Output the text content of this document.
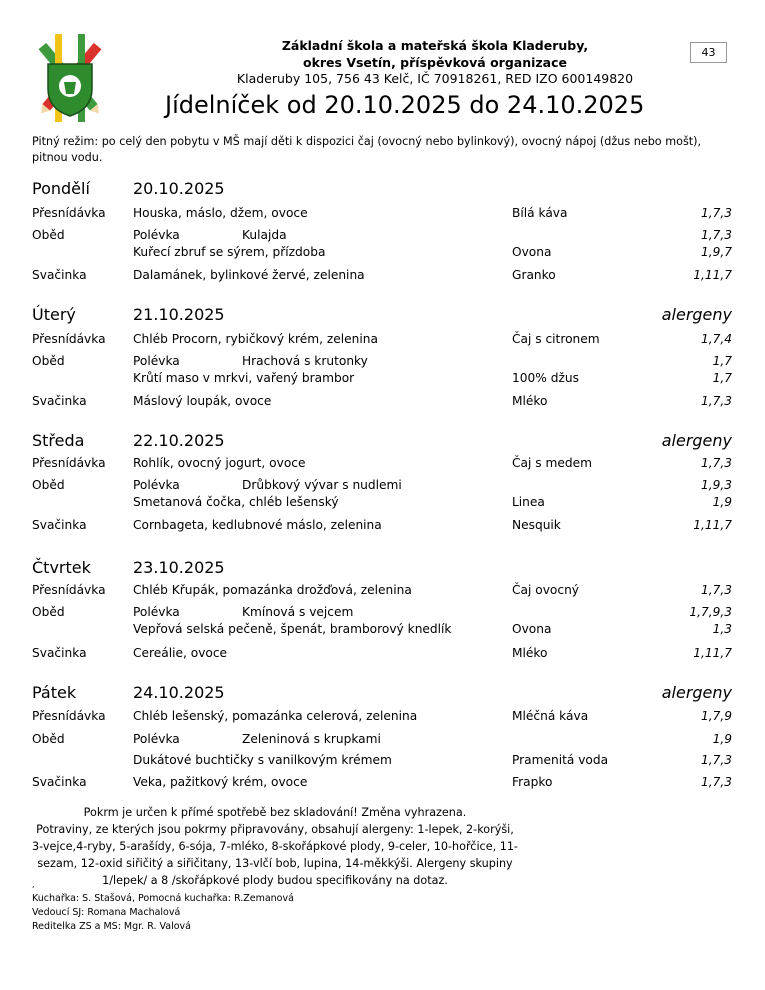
Základní škola a mateřská škola Kladeruby,
okres Vsetín, příspěvková organizace
Kladeruby 105, 756 43 Kelč, IČ 70918261, RED IZO 600149820
43
Jídelníček od 20.10.2025 do 24.10.2025
Pitný režim: po celý den pobytu v MŠ mají děti k dispozici čaj (ovocný nebo bylinkový), ovocný nápoj (džus nebo mošt), pitnou vodu.
Pondělí	20.10.2025
Přesnídávka Houska, máslo, džem, ovoce	Bílá káva	1,7,3
Oběd	Polévka	Kulajda	1,7,3
Kuřecí zbruf se sýrem, přízdoba	Ovona	1,9,7
Svačinka	Dalamánek, bylinkové žervé, zelenina	Granko	1,11,7
Úterý	21.10.2025	alergeny
Přesnídávka Chléb Procorn, rybičkový krém, zelenina	Čaj s citronem	1,7,4
Oběd	Polévka	Hrachová s krutonky	1,7
Krůtí maso v mrkvi, vařený brambor	100% džus	1,7
Svačinka	Máslový loupák, ovoce	Mléko	1,7,3
Středa	22.10.2025	alergeny
Přesnídávka Rohlík, ovocný jogurt, ovoce	Čaj s medem	1,7,3
Oběd	Polévka	Drůbkový vývar s nudlemi	1,9,3
Smetanová čočka, chléb lešenský	Linea	1,9
Svačinka	Cornbageta, kedlubnové máslo, zelenina	Nesquik	1,11,7
Čtvrtek	23.10.2025
Přesnídávka Chléb Křupák, pomazánka drožďová, zelenina	Čaj ovocný	1,7,3
Oběd	Polévka	Kmínová s vejcem	1,7,9,3
Vepřová selská pečeně, špenát, bramborový knedlík	Ovona	1,3
Svačinka	Cereálie, ovoce	Mléko	1,11,7
Pátek	24.10.2025	alergeny
Přesnídávka Chléb lešenský, pomazánka celerová, zelenina	Mléčná káva	1,7,9
Oběd	Polévka	Zeleninová s krupkami	1,9
Dukátové buchtičky s vanilkovým krémem	Pramenitá voda	1,7,3
Svačinka	Veka, pažitkový krém, ovoce	Frapko	1,7,3
Pokrm je určen k přímé spotřebě bez skladování! Změna vyhrazena.
Potraviny, ze kterých jsou pokrmy připravovány, obsahují alergeny: 1-lepek, 2-korýši,
3-vejce,4-ryby, 5-arašídy, 6-sója, 7-mléko, 8-skořápkové plody, 9-celer, 10-hořčice, 11-
sezam, 12-oxid siřičitý a siřičitany, 13-vlčí bob, lupina, 14-měkkýši. Alergeny skupiny
1/lepek/ a 8 /skořápkové plody budou specifikovány na dotaz.
,
Kuchařka: S. Stašová, Pomocná kuchařka: R.Zemanová
Vedoucí SJ: Romana Machalová
Reditelka ZS a MS: Mgr. R. Valová
